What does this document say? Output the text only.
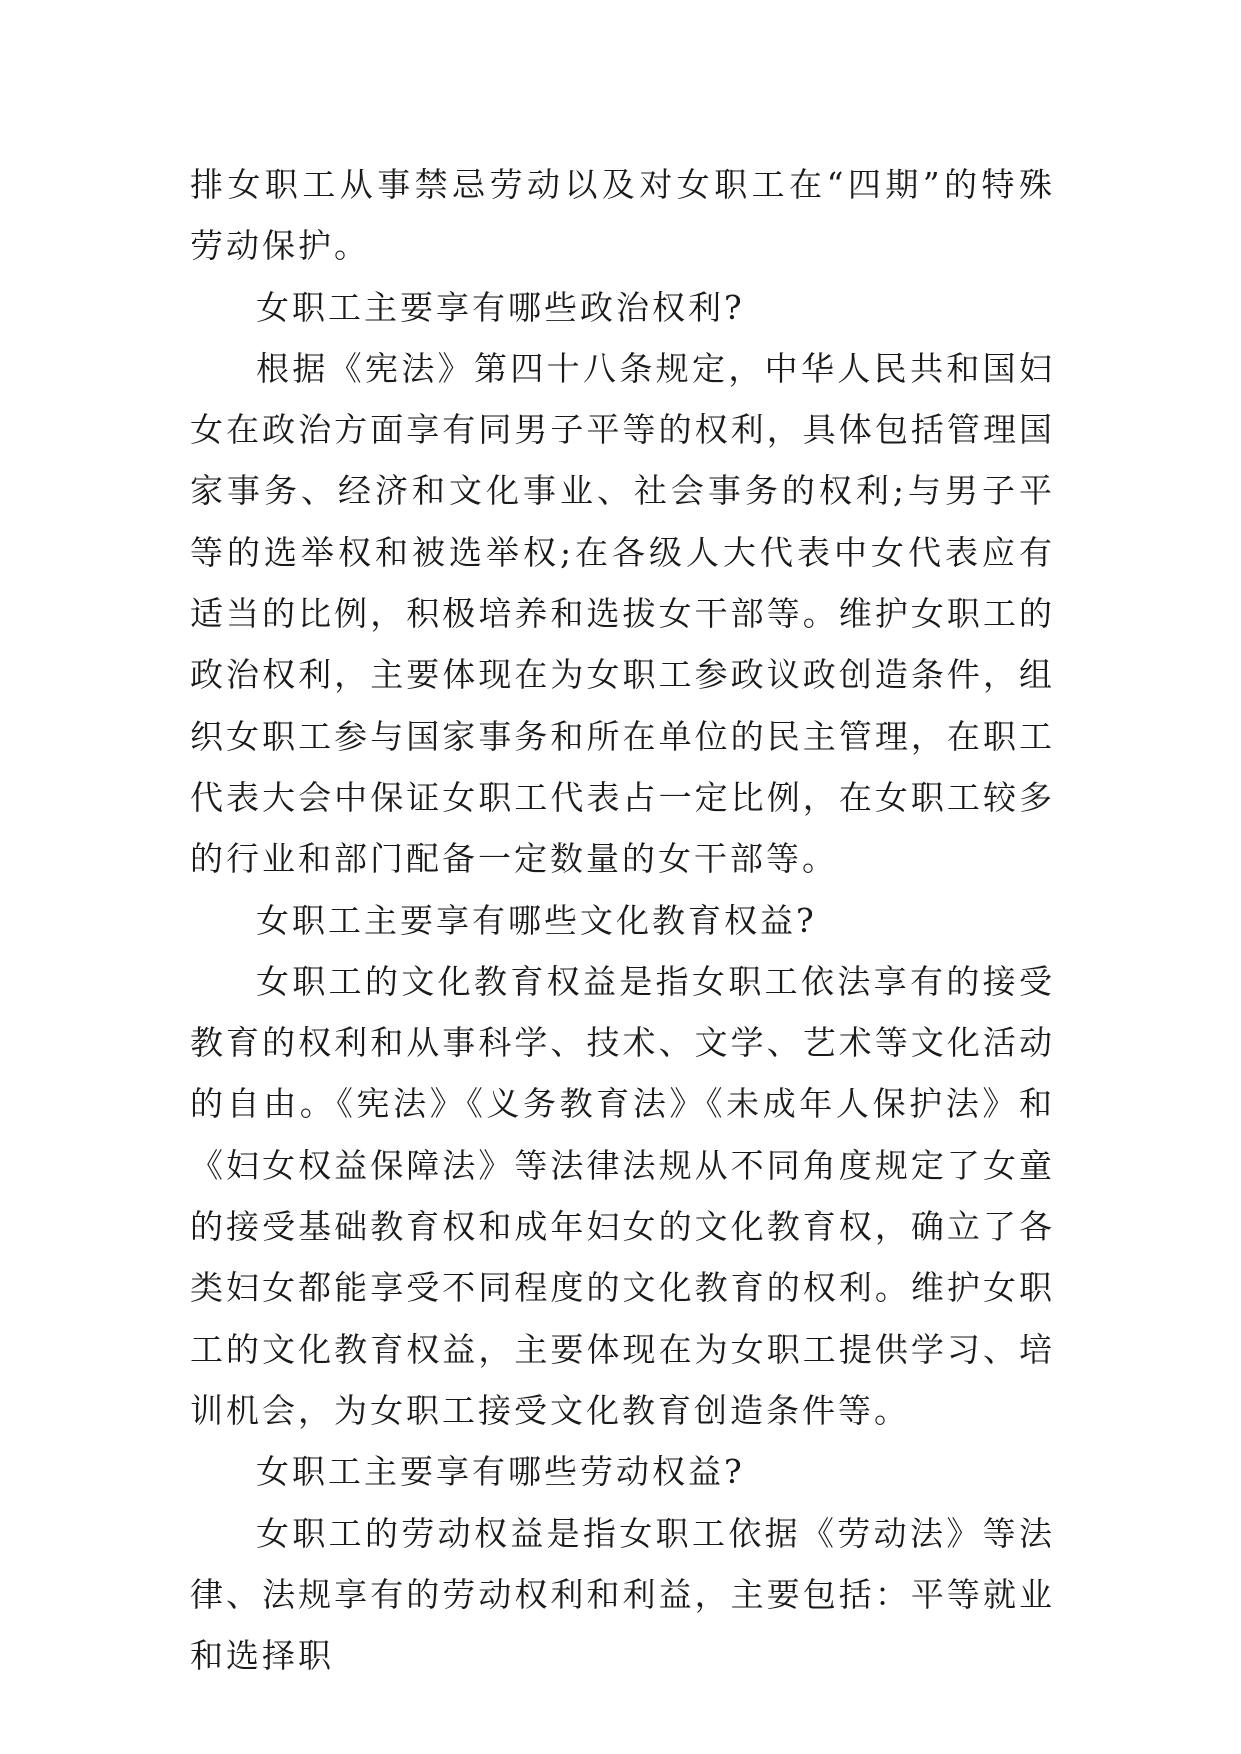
排女职工从事禁忌劳动以及对女职工在“四期”的特殊劳动保护。

女职工主要享有哪些政治权利?

根据《宪法》第四十八条规定，中华人民共和国妇女在政治方面享有同男子平等的权利，具体包括管理国家事务、经济和文化事业、社会事务的权利;与男子平等的选举权和被选举权;在各级人大代表中女代表应有适当的比例，积极培养和选拔女干部等。维护女职工的政治权利，主要体现在为女职工参政议政创造条件，组织女职工参与国家事务和所在单位的民主管理，在职工代表大会中保证女职工代表占一定比例，在女职工较多的行业和部门配备一定数量的女干部等。

女职工主要享有哪些文化教育权益?

女职工的文化教育权益是指女职工依法享有的接受教育的权利和从事科学、技术、文学、艺术等文化活动的自由。《宪法》《义务教育法》《未成年人保护法》和《妇女权益保障法》等法律法规从不同角度规定了女童的接受基础教育权和成年妇女的文化教育权，确立了各类妇女都能享受不同程度的文化教育的权利。维护女职工的文化教育权益，主要体现在为女职工提供学习、培训机会，为女职工接受文化教育创造条件等。

女职工主要享有哪些劳动权益?

女职工的劳动权益是指女职工依据《劳动法》等法律、法规享有的劳动权利和利益，主要包括：平等就业和选择职
